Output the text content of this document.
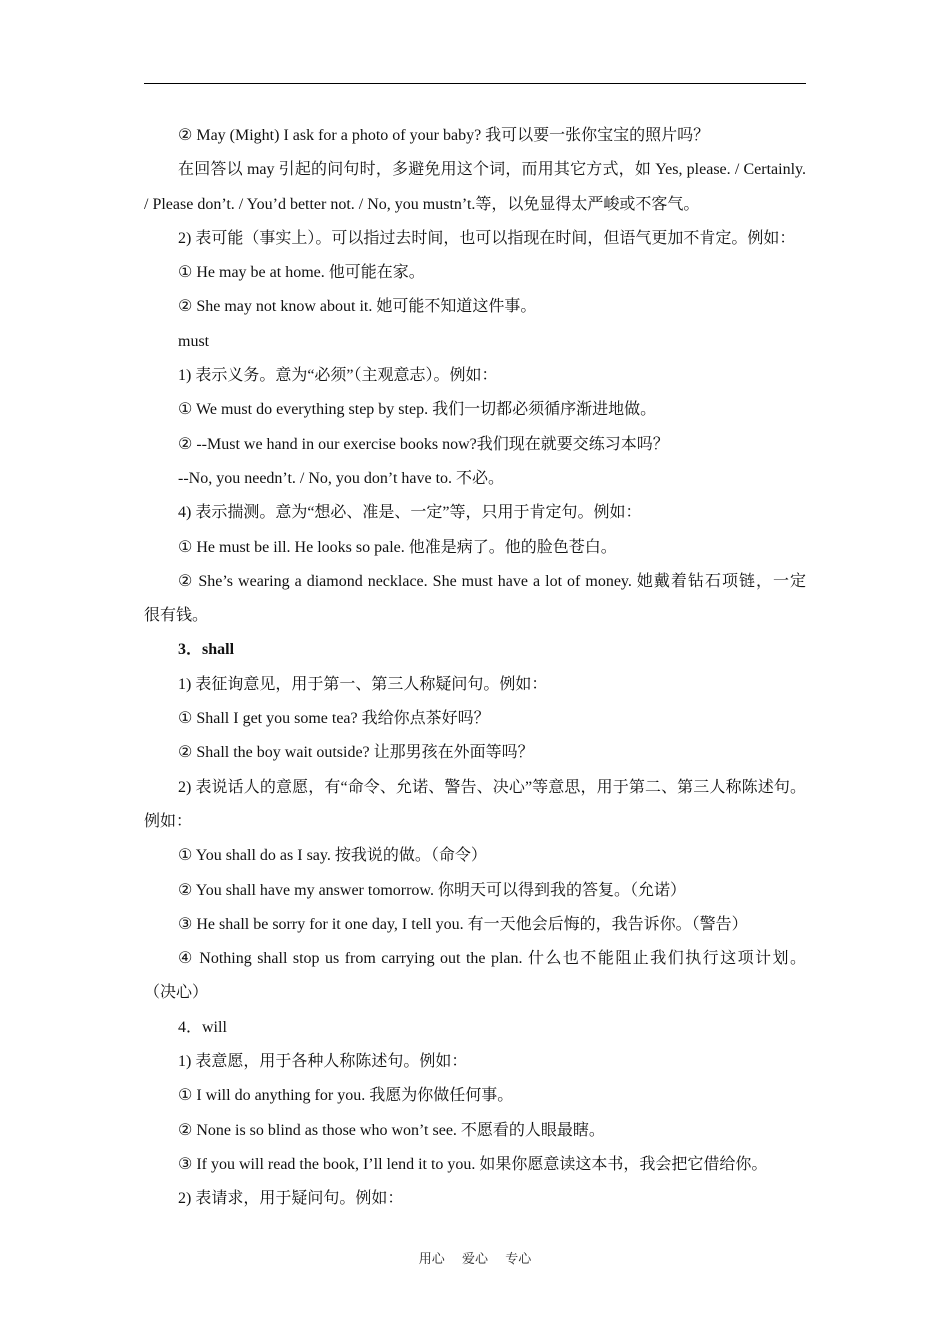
② May (Might) I ask for a photo of your baby? 我可以要一张你宝宝的照片吗？
在回答以 may 引起的问句时，多避免用这个词，而用其它方式，如 Yes, please. / Certainly.
/ Please don’t. / You’d better not. / No, you mustn’t.等，以免显得太严峻或不客气。
2) 表可能（事实上）。可以指过去时间，也可以指现在时间，但语气更加不肯定。例如：
① He may be at home. 他可能在家。
② She may not know about it. 她可能不知道这件事。
must
1) 表示义务。意为“必须”（主观意志）。例如：
① We must do everything step by step. 我们一切都必须循序渐进地做。
② --Must we hand in our exercise books now?我们现在就要交练习本吗？
--No, you needn’t. / No, you don’t have to. 不必。
4) 表示揣测。意为“想必、准是、一定”等，只用于肯定句。例如：
① He must be ill. He looks so pale. 他准是病了。他的脸色苍白。
② She’s wearing a diamond necklace. She must have a lot of money. 她戴着钻石项链，一定
很有钱。
3．shall
1) 表征询意见，用于第一、第三人称疑问句。例如：
① Shall I get you some tea? 我给你点茶好吗？
② Shall the boy wait outside? 让那男孩在外面等吗？
2) 表说话人的意愿，有“命令、允诺、警告、决心”等意思，用于第二、第三人称陈述句。
例如：
① You shall do as I say. 按我说的做。（命令）
② You shall have my answer tomorrow. 你明天可以得到我的答复。（允诺）
③ He shall be sorry for it one day, I tell you. 有一天他会后悔的，我告诉你。（警告）
④ Nothing shall stop us from carrying out the plan. 什么也不能阻止我们执行这项计划。
（决心）
4．will
1) 表意愿，用于各种人称陈述句。例如：
① I will do anything for you. 我愿为你做任何事。
② None is so blind as those who won’t see. 不愿看的人眼最瞎。
③ If you will read the book, I’ll lend it to you. 如果你愿意读这本书，我会把它借给你。
2) 表请求，用于疑问句。例如：
用心 爱心 专心
